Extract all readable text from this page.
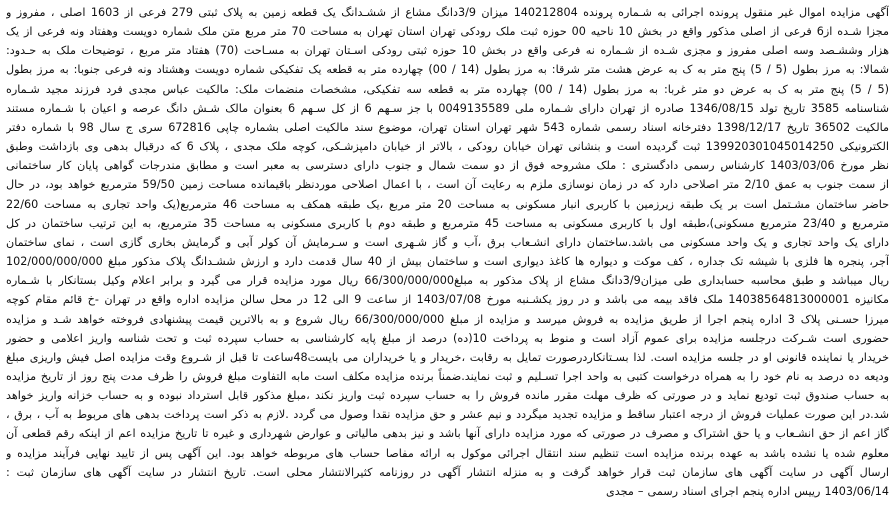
آگهی مزایده اموال غیر منقول پرونده اجرائی به شـماره پرونده 140212804 میزان 3/9دانگ مشاع از ششـدانگ یک قطعه زمین به پلاک ثبتی 279 فرعی از 1603 اصلی ، مفروز و
مجزا شـده از6 فرعی از اصلی مذکور واقع در بخش 10 ناحیه 00 حوزه ثبت ملک رودکی تهران استان تهران به مساحت 70 متر مربع متن ملک شماره دویست وهفتاد ونه فرعی از یک
هزار وششـصد وسه اصلی مفروز و مجزی شـده از شـماره نه فرعی واقع در بخش 10 حوزه ثبتی رودکی اسـتان تهران به مسـاحت (70) هفتاد متر مربع ، توضیحات ملک به حـدود:
شمالا: به مرز بطول (5 / 5) پنج متر به ک به عرض هشت متر شرقا: به مرز بطول (14 / 00) چهارده متر به قطعه یک تفکیکی شماره دویست وهشتاد ونه فرعی جنوبا: به مرز بطول
(5 / 5) پنج متر به ک به عرض دو متر غربا: به مرز بطول (14 / 00) چهارده متر به قطعه سه تفکیکی، مشخصات منضمات ملک: مالکیت عباس مجدی فرد فرزند مجید شـماره
شناسنامه 3585 تاریخ تولد 1346/08/15 صادره از تهران دارای شـماره ملی 0049135589 با جز سـهم 6 از کل سـهم 6 بعنوان مالک شـش دانگ عرصه و اعیان با شـماره مستند
مالکیت 36502 تاریخ 1398/12/17 دفترخانه اسناد رسمی شماره 543 شهر تهران استان تهران، موضوع سند مالکیت اصلی بشماره چاپی 672816 سری ج سال 98 با شماره دفتر
الکترونیکی 139920301045014250 ثبت گردیده است و بنشانی تهران خیابان رودکی ، بالاتر از خیابان دامپزشـکی، کوچه ملک مجدی ، پلاک 6 که درقبال بدهی وی بازداشت وطبق
نظر مورخ 1403/03/06 کارشناس رسمی دادگستری : ملک مشروحه فوق از دو سمت شمال و جنوب دارای دسترسی به معبر است و مطابق مندرجات گواهی پایان کار ساختمانی
از سمت جنوب به عمق 2/10 متر اصلاحی دارد که در زمان نوسازی ملزم به رعایت آن است ، با اعمال اصلاحی موردنظر باقیمانده مساحت زمین 59/50 مترمربع خواهد بود، در حال
حاضر ساختمان مشـتمل است بر یک طبقه زیرزمین با کاربری انبار مسکونی به مساحت 20 متر مربع ،یک طبقه همکف به مساحت 46 مترمربع(یک واحد تجاری به مساحت 22/60
مترمربع و 23/40 مترمربع مسکونی)،طبقه اول با کاربری مسکونی به مساحت 45 مترمربع و طبقه دوم با کاربری مسکونی به مساحت 35 مترمربع، به این ترتیب ساختمان در کل
دارای یک واحد تجاری و یک واحد مسکونی می باشد.ساختمان دارای انشـعاب برق ،آب و گاز شـهری است و سـرمایش آن کولر آبی و گرمایش بخاری گازی است ، نمای ساختمان
آجر، پنجره ها فلزی با شیشه تک جداره ، کف موکت و دیواره ها کاغذ دیواری است و ساختمان بیش از 40 سال قدمت دارد و ارزش ششـدانگ پلاک مذکور مبلغ 102/000/000/000
ریال میباشد و طبق محاسبه حسابداری طی میزان3/9دانگ مشاع از پلاک مذکور به مبلغ66/300/000/000 ریال مورد مزایده قرار می گیرد و برابر اعلام وکیل بستانکار با شـماره
مکانیزه 14038564813000001 ملک فاقد بیمه می باشد و در روز یکشـنبه مورخ 1403/07/08 از ساعت 9 الی 12 در محل سالن مزایده اداره واقع در تهران -خ قائم مقام کوچه
میرزا حسـنی پلاک 3 اداره پنجم اجرا از طریق مزایده به فروش میرسد و مزایده از مبلغ 66/300/000/000 ریال شروع و به بالاترین قیمت پیشنهادی فروخته خواهد شـد و مزایده
حضوری است شـرکت درجلسه مزایده برای عموم آزاد است و منوط به پرداخت 10(ده) درصد از مبلغ پایه کارشناسی به حساب سپرده ثبت و تحت شناسه واریز اعلامی و حضور
خریدار یا نماینده قانونی او در جلسه مزایده است. لذا بسـتانکاردرصورت تمایل به رقابت ،خریدار و یا خریداران می بایست48ساعت تا قبل از شـروع وقت مزایده اصل فیش واریزی مبلغ
ودیعه ده درصد به نام خود را به همراه درخواست کتبی به واحد اجرا تسـلیم و ثبت نمایند.ضمناً برنده مزایده مکلف است مابه التفاوت مبلغ فروش را ظرف مدت پنج روز از تاریخ مزایده
به حساب صندوق ثبت تودیع نماید و در صورتی که ظرف مهلت مقرر مانده فروش را به حساب سپرده ثبت واریز نکند ،مبلغ مذکور قابل استرداد نبوده و به حساب خزانه واریز خواهد
شد.در این صورت عملیات فروش از درجه اعتبار ساقط و مزایده تجدید میگردد و نیم عشر و حق مزایده نقدا وصول می گردد .لازم به ذکر است پرداخت بدهی های مربوط به آب ، برق ،
گاز اعم از حق انشـعاب و یا حق اشتراک و مصرف در صورتی که مورد مزایده دارای آنها باشد و نیز بدهی مالیاتی و عوارض شهرداری و غیره تا تاریخ مزایده اعم از اینکه رقم قطعی آن
معلوم شده یا نشده باشد به عهده برنده مزایده است تنظیم سند انتقال اجرائی موکول به ارائه مفاصا حساب های مربوطه خواهد بود. این آگهی پس از تایید نهایی فرآیند مزایده و
ارسال آگهی در سایت آگهی های سازمان ثبت قرار خواهد گرفت و به منزله انتشار آگهی در روزنامه کثیرالانتشار محلی است. تاریخ انتشار در سایت آگهی های سازمان ثبت :
1403/06/14 رییس اداره پنجم اجرای اسناد رسمی – مجدی
